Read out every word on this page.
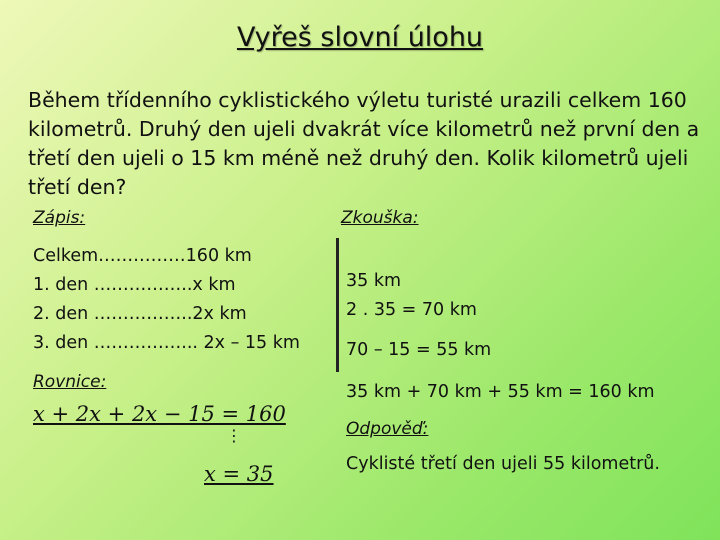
Vyřeš slovní úlohu
Během třídenního cyklistického výletu turisté urazili celkem 160 kilometrů. Druhý den ujeli dvakrát více kilometrů než první den a třetí den ujeli o 15 km méně než druhý den. Kolik kilometrů ujeli třetí den?
Zápis:
Celkem……………160 km
1. den ……………..x km
2. den ……………..2x km
3. den ……………... 2x – 15 km
Rovnice:
x + 2x + 2x − 15 = 160
⋮
x = 35
Zkouška:
35 km
2 . 35 = 70 km
70 – 15 = 55 km
35 km + 70 km + 55 km = 160 km
Odpověď:
Cyklisté třetí den ujeli 55 kilometrů.
